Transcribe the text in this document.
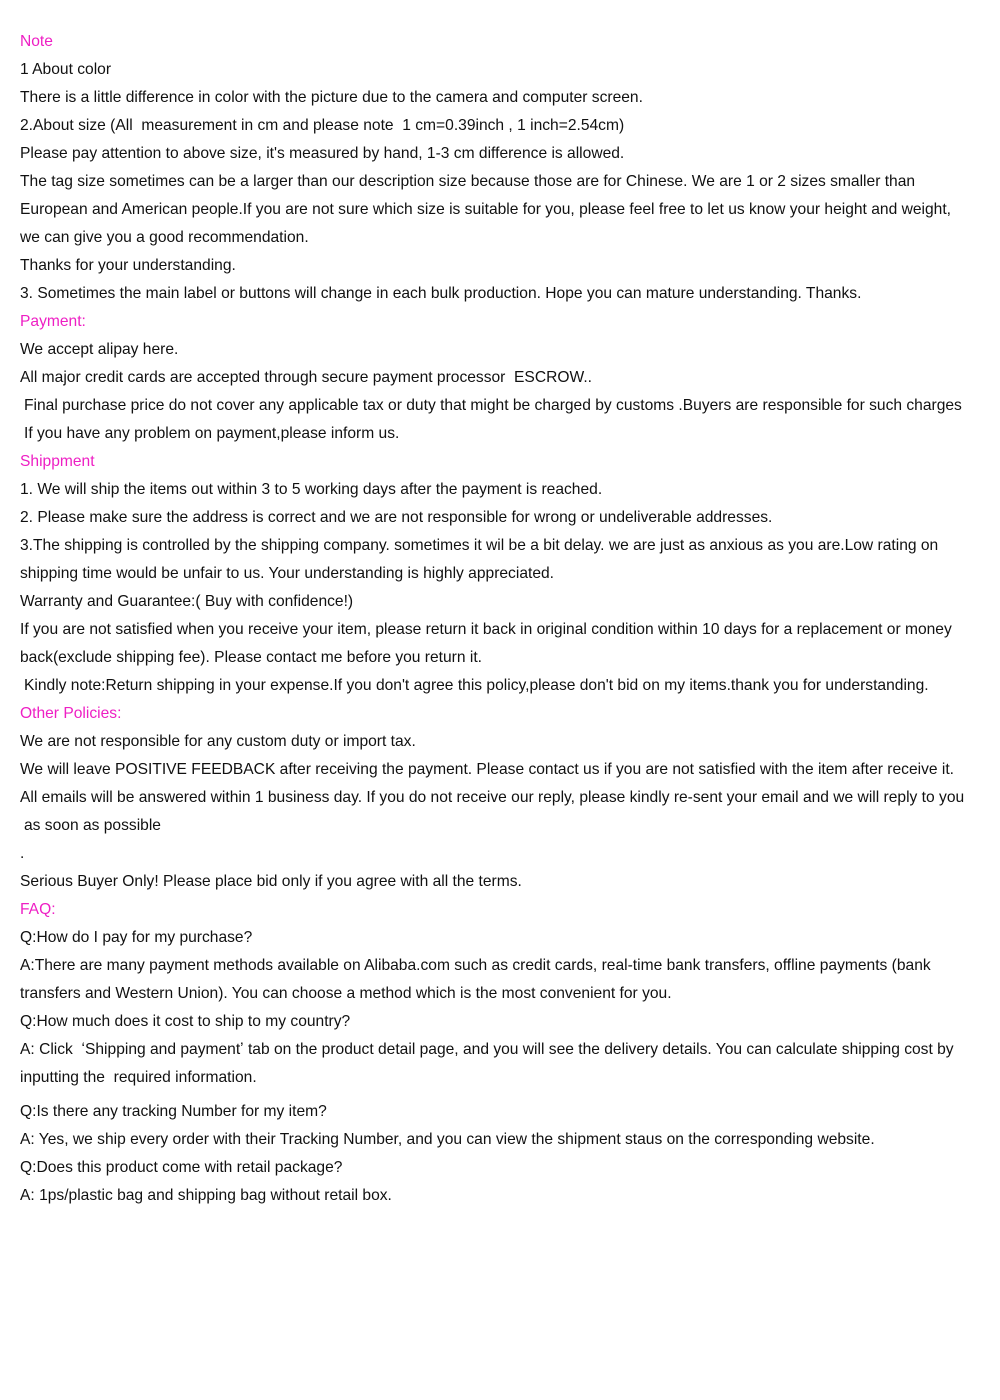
Note
1 About color
There is a little difference in color with the picture due to the camera and computer screen.
2.About size (All  measurement in cm and please note  1 cm=0.39inch , 1 inch=2.54cm)
Please pay attention to above size, it's measured by hand, 1-3 cm difference is allowed.
The tag size sometimes can be a larger than our description size because those are for Chinese. We are 1 or 2 sizes smaller than
European and American people.If you are not sure which size is suitable for you, please feel free to let us know your height and weight,
we can give you a good recommendation.
Thanks for your understanding.
3. Sometimes the main label or buttons will change in each bulk production. Hope you can mature understanding. Thanks.
Payment:
We accept alipay here.
All major credit cards are accepted through secure payment processor  ESCROW..
Final purchase price do not cover any applicable tax or duty that might be charged by customs .Buyers are responsible for such charges
If you have any problem on payment,please inform us.
Shippment
1. We will ship the items out within 3 to 5 working days after the payment is reached.
2. Please make sure the address is correct and we are not responsible for wrong or undeliverable addresses.
3.The shipping is controlled by the shipping company. sometimes it wil be a bit delay. we are just as anxious as you are.Low rating on
shipping time would be unfair to us. Your understanding is highly appreciated.
Warranty and Guarantee:( Buy with confidence!)
If you are not satisfied when you receive your item, please return it back in original condition within 10 days for a replacement or money
back(exclude shipping fee). Please contact me before you return it.
Kindly note:Return shipping in your expense.If you don't agree this policy,please don't bid on my items.thank you for understanding.
Other Policies:
We are not responsible for any custom duty or import tax.
We will leave POSITIVE FEEDBACK after receiving the payment. Please contact us if you are not satisfied with the item after receive it.
All emails will be answered within 1 business day. If you do not receive our reply, please kindly re-sent your email and we will reply to you
as soon as possible
.
Serious Buyer Only! Please place bid only if you agree with all the terms.
FAQ:
Q:How do I pay for my purchase?
A:There are many payment methods available on Alibaba.com such as credit cards, real-time bank transfers, offline payments (bank
transfers and Western Union). You can choose a method which is the most convenient for you.
Q:How much does it cost to ship to my country?
A: Click  ʻShipping and paymentʼ tab on the product detail page, and you will see the delivery details. You can calculate shipping cost by
inputting the  required information.
Q:Is there any tracking Number for my item?
A: Yes, we ship every order with their Tracking Number, and you can view the shipment staus on the corresponding website.
Q:Does this product come with retail package?
A: 1ps/plastic bag and shipping bag without retail box.
